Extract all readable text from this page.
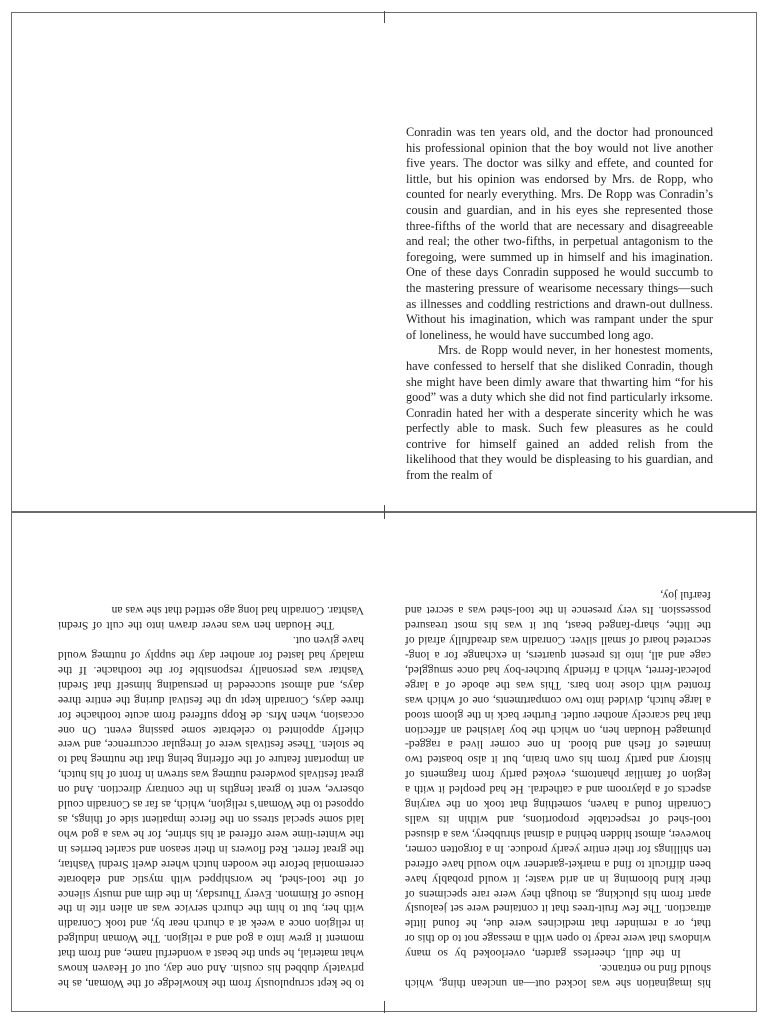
Conradin was ten years old, and the doctor had pronounced his professional opinion that the boy would not live another five years. The doctor was silky and effete, and counted for little, but his opinion was endorsed by Mrs. de Ropp, who counted for nearly everything. Mrs. De Ropp was Conradin’s cousin and guardian, and in his eyes she represented those three-fifths of the world that are necessary and disagreeable and real; the other two-fifths, in perpetual antagonism to the foregoing, were summed up in himself and his imagination. One of these days Conradin supposed he would succumb to the mastering pressure of wearisome necessary things—such as illnesses and coddling restrictions and drawn-out dullness. Without his imagination, which was rampant under the spur of loneliness, he would have succumbed long ago.

Mrs. de Ropp would never, in her honestest moments, have confessed to herself that she disliked Conradin, though she might have been dimly aware that thwarting him “for his good” was a duty which she did not find particularly irksome. Conradin hated her with a desperate sincerity which he was perfectly able to mask. Such few pleasures as he could contrive for himself gained an added relish from the likelihood that they would be displeasing to his guardian, and from the realm of

to be kept scrupulously from the knowledge of the Woman, as he privately dubbed his cousin. And one day, out of Heaven knows what material, he spun the beast a wonderful name, and from that moment it grew into a god and a religion. The Woman indulged in religion once a week at a church near by, and took Conradin with her, but to him the church service was an alien rite in the House of Rimmon. Every Thursday, in the dim and musty silence of the tool-shed, he worshipped with mystic and elaborate ceremonial before the wooden hutch where dwelt Sredni Vashtar, the great ferret. Red flowers in their season and scarlet berries in the winter-time were offered at his shrine, for he was a god who laid some special stress on the fierce impatient side of things, as opposed to the Woman’s religion, which, as far as Conradin could observe, went to great lengths in the contrary direction. And on great festivals powdered nutmeg was strewn in front of his hutch, an important feature of the offering being that the nutmeg had to be stolen. These festivals were of irregular occurrence, and were chiefly appointed to celebrate some passing event. On one occasion, when Mrs. de Ropp suffered from acute toothache for three days, Conradin kept up the festival during the entire three days, and almost succeeded in persuading himself that Sredni Vashtar was personally responsible for the toothache. If the malady had lasted for another day the supply of nutmeg would have given out.

The Houdan hen was never drawn into the cult of Sredni Vashtar. Conradin had long ago settled that she was an

his imagination she was locked out—an unclean thing, which should find no entrance.

In the dull, cheerless garden, overlooked by so many windows that were ready to open with a message not to do this or that, or a reminder that medicines were due, he found little attraction. The few fruit-trees that it contained were set jealously apart from his plucking, as though they were rare specimens of their kind blooming in an arid waste; it would probably have been difficult to find a market-gardener who would have offered ten shillings for their entire yearly produce. In a forgotten corner, however, almost hidden behind a dismal shrubbery, was a disused tool-shed of respectable proportions, and within its walls Conradin found a haven, something that took on the varying aspects of a playroom and a cathedral. He had peopled it with a legion of familiar phantoms, evoked partly from fragments of history and partly from his own brain, but it also boasted two inmates of flesh and blood. In one corner lived a ragged-plumaged Houdan hen, on which the boy lavished an affection that had scarcely another outlet. Further back in the gloom stood a large hutch, divided into two compartments, one of which was fronted with close iron bars. This was the abode of a large polecat-ferret, which a friendly butcher-boy had once smuggled, cage and all, into its present quarters, in exchange for a long-secreted hoard of small silver. Conradin was dreadfully afraid of the lithe, sharp-fanged beast, but it was his most treasured possession. Its very presence in the tool-shed was a secret and fearful joy,
